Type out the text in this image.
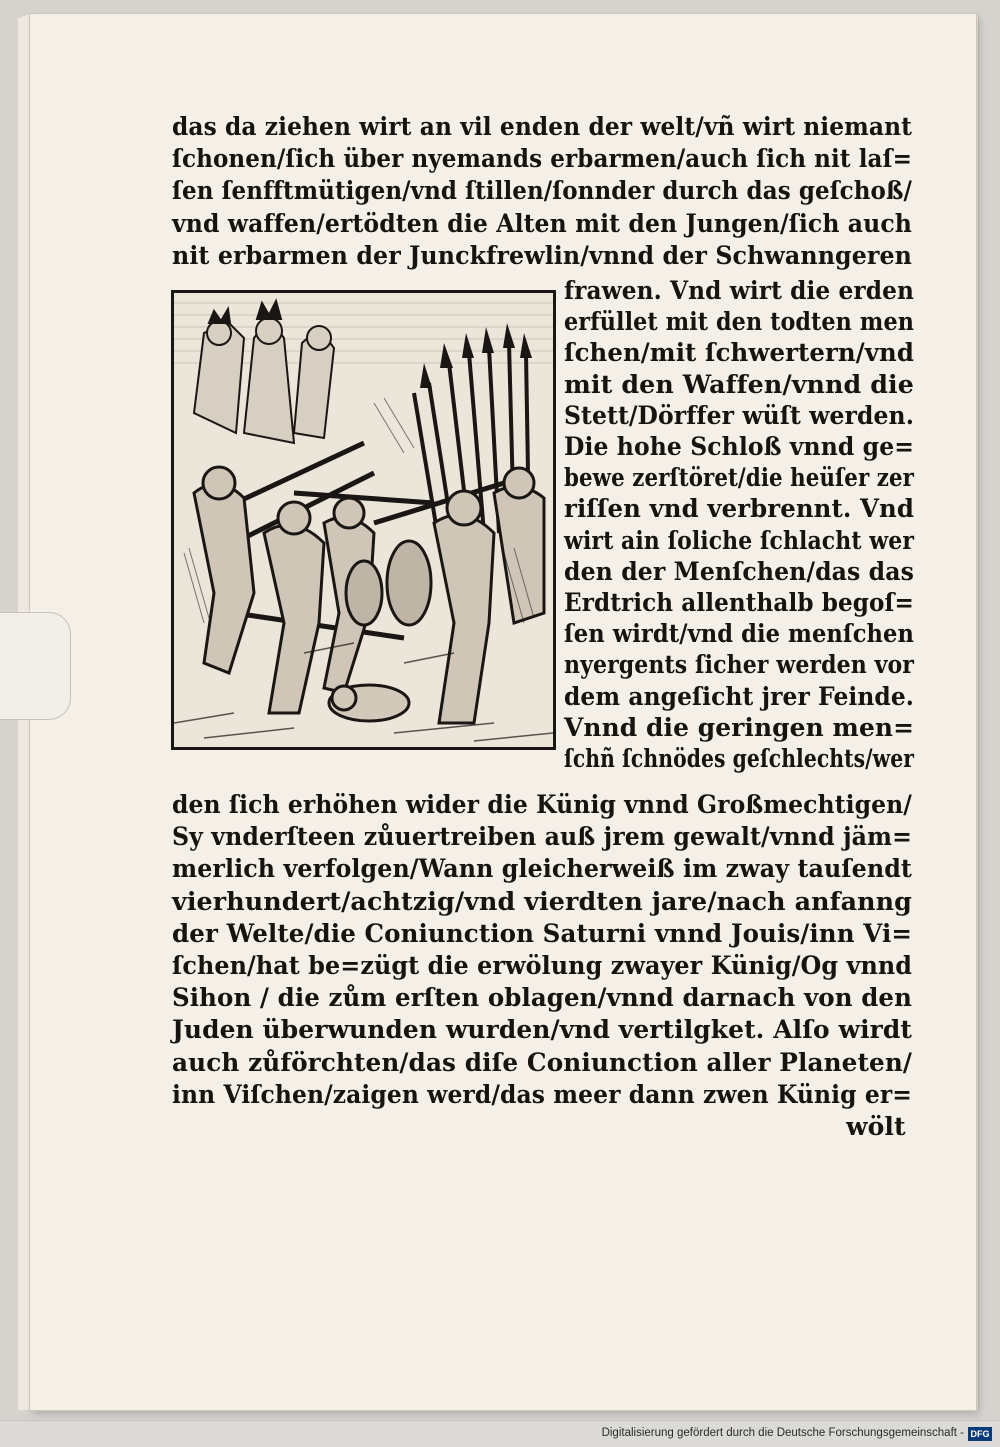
das da ziehen wirt an vil enden der welt/vñ wirt niemant
ſchonen/ſich über nyemands erbarmen/auch ſich nit laſ=
ſen ſenfftmütigen/vnd ſtillen/ſonnder durch das geſchoß/
vnd waffen/ertödten die Alten mit den Jungen/ſich auch
nit erbarmen der Junckfrewlin/vnnd der Schwanngeren
frawen. Vnd wirt die erden
erfüllet mit den todten men
ſchen/mit ſchwertern/vnd
mit den Waffen/vnnd die
Stett/Dörffer wüſt werden.
Die hohe Schloß vnnd ge=
bewe zerſtöret/die heüſer zer
riſſen vnd verbrennt. Vnd
wirt ain ſoliche ſchlacht wer
den der Menſchen/das das
Erdtrich allenthalb begoſ=
ſen wirdt/vnd die menſchen
nyergents ſicher werden vor
dem angeſicht jrer Feinde.
Vnnd die geringen men=
ſchñ ſchnödes geſchlechts/wer
den ſich erhöhen wider die Künig vnnd Großmechtigen/
Sy vnderſteen zůuertreiben auß jrem gewalt/vnnd jäm=
merlich verfolgen/Wann gleicherweiß im zway tauſendt
vierhundert/achtzig/vnd vierdten jare/nach anfanng
der Welte/die Coniunction Saturni vnnd Jouis/inn Vi=
ſchen/hat be=zügt die erwölung zwayer Künig/Og vnnd
Sihon / die zům erſten oblagen/vnnd darnach von den
Juden überwunden wurden/vnd vertilgket. Alſo wirdt
auch zůförchten/das diſe Coniunction aller Planeten/
inn Viſchen/zaigen werd/das meer dann zwen Künig er=
wölt
Digitalisierung gefördert durch die Deutsche Forschungsgemeinschaft - DFG
